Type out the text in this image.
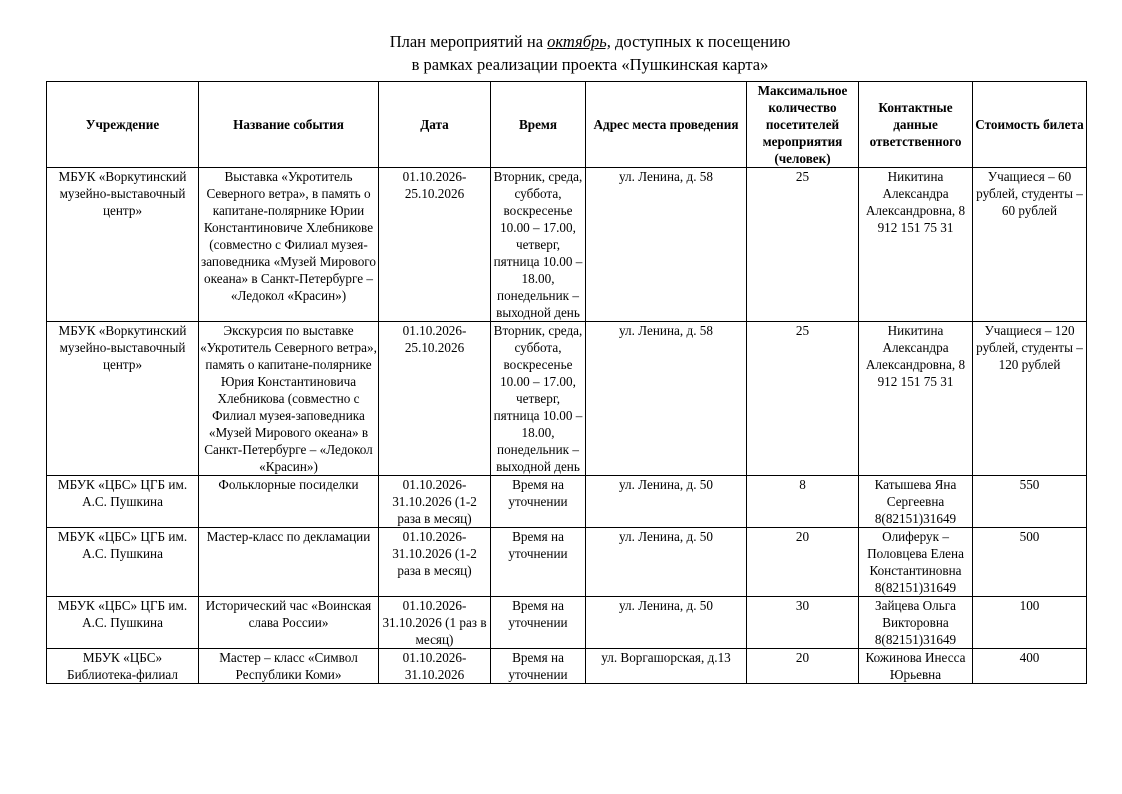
План мероприятий на октябрь, доступных к посещению
в рамках реализации проекта «Пушкинская карта»
Учреждение	Название события	Дата	Время	Адрес места проведения	Максимальное количество посетителей мероприятия (человек)	Контактные данные ответственного	Стоимость билета
МБУК «Воркутинский музейно-выставочный центр»	Выставка «Укротитель Северного ветра», в память о капитане-полярнике Юрии Константиновиче Хлебникове (совместно с Филиал музея-заповедника «Музей Мирового океана» в Санкт-Петербурге – «Ледокол «Красин»)	01.10.2026-25.10.2026	Вторник, среда, суббота, воскресенье 10.00 – 17.00, четверг, пятница 10.00 – 18.00, понедельник – выходной день	ул. Ленина, д. 58	25	Никитина Александра Александровна, 8 912 151 75 31	Учащиеся – 60 рублей, студенты – 60 рублей
МБУК «Воркутинский музейно-выставочный центр»	Экскурсия по выставке «Укротитель Северного ветра», память о капитане-полярнике Юрия Константиновича Хлебникова (совместно с Филиал музея-заповедника «Музей Мирового океана» в Санкт-Петербурге – «Ледокол «Красин»)	01.10.2026-25.10.2026	Вторник, среда, суббота, воскресенье 10.00 – 17.00, четверг, пятница 10.00 – 18.00, понедельник – выходной день	ул. Ленина, д. 58	25	Никитина Александра Александровна, 8 912 151 75 31	Учащиеся – 120 рублей, студенты – 120 рублей
МБУК «ЦБС» ЦГБ им. А.С. Пушкина	Фольклорные посиделки	01.10.2026-31.10.2026 (1-2 раза в месяц)	Время на уточнении	ул. Ленина, д. 50	8	Катышева Яна Сергеевна 8(82151)31649	550
МБУК «ЦБС» ЦГБ им. А.С. Пушкина	Мастер-класс по декламации	01.10.2026-31.10.2026 (1-2 раза в месяц)	Время на уточнении	ул. Ленина, д. 50	20	Олиферук – Половцева Елена Константиновна 8(82151)31649	500
МБУК «ЦБС» ЦГБ им. А.С. Пушкина	Исторический час «Воинская слава России»	01.10.2026-31.10.2026 (1 раз в месяц)	Время на уточнении	ул. Ленина, д. 50	30	Зайцева Ольга Викторовна 8(82151)31649	100
МБУК «ЦБС» Библиотека-филиал	Мастер – класс «Символ Республики Коми»	01.10.2026-31.10.2026	Время на уточнении	ул. Воргашорская, д.13	20	Кожинова Инесса Юрьевна	400
